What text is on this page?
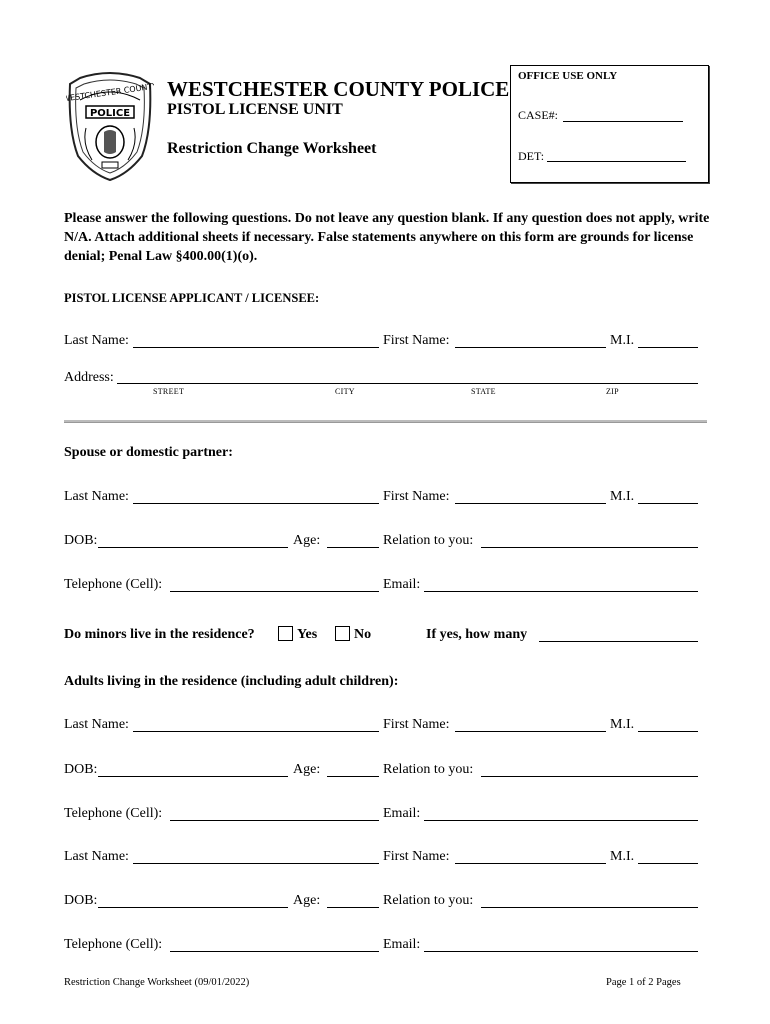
WESTCHESTER COUNTY
POLICE
WESTCHESTER COUNTY POLICE
PISTOL LICENSE UNIT
Restriction Change Worksheet
OFFICE USE ONLY
CASE#:
DET:
Please answer the following questions. Do not leave any question blank. If any question does not apply, write N/A. Attach additional sheets if necessary. False statements anywhere on this form are grounds for license denial; Penal Law §400.00(1)(o).
PISTOL LICENSE APPLICANT / LICENSEE:
Last Name:	First Name:	M.I.
Address:
STREET	CITY	STATE	ZIP
Spouse or domestic partner:
Last Name:	First Name:	M.I.
DOB:	Age:	Relation to you:
Telephone (Cell):	Email:
Do minors live in the residence?	Yes	No	If yes, how many
Adults living in the residence (including adult children):
Last Name:	First Name:	M.I.
DOB:	Age:	Relation to you:
Telephone (Cell):	Email:
Last Name:	First Name:	M.I.
DOB:	Age:	Relation to you:
Telephone (Cell):	Email:
Restriction Change Worksheet (09/01/2022)	Page 1 of 2 Pages
